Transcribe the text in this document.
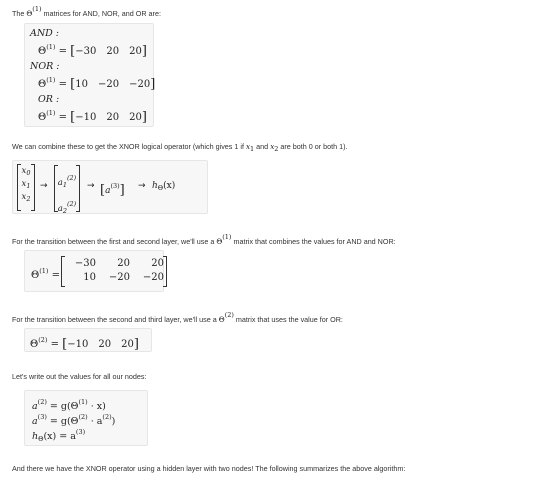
The Θ(1) matrices for AND, NOR, and OR are:
AND :
$\Theta^{(1)} = [-30$ 20 20]
NOR :
$\Theta^{(1)} = [10 -20 -20]$
OR :
$\Theta^{(1)} = [-10$ 20 20]
We can combine these to get the XNOR logical operator (which gives 1 if x1 and x2 are both 0 or both 1).
$x_0$
$x_1$
$x_2$
→	$a_1^{(2)}$
$a_2^{(2)}$
→ $[a^{(3)}] \to h_\Theta(x)$
For the transition between the first and second layer, we'll use a Θ(1) matrix that combines the values for AND and NOR:
$\Theta^{(1)}$ =
−30	20	20
10	−20	−20
For the transition between the second and third layer, we'll use a Θ(2) matrix that uses the value for OR:
$\Theta^{(2)} = [-10$ 20 20]
Let's write out the values for all our nodes:
$a^{(2)} = g(\Theta^{(1)} \cdot x)$
$a^{(3)} = g(\Theta^{(2)} \cdot a^{(2)})$
$h_\Theta(x) = a^{(3)}$
And there we have the XNOR operator using a hidden layer with two nodes! The following summarizes the above algorithm:
